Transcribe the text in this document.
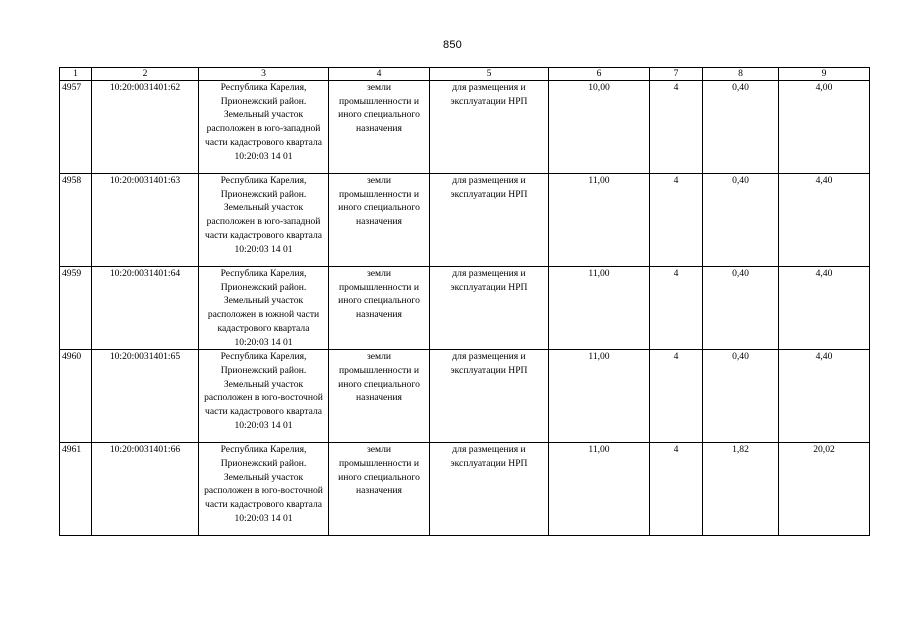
850
1	2	3	4	5	6	7	8	9
4957	10:20:0031401:62	Республика Карелия, Прионежский район. Земельный участок расположен в юго-западной части кадастрового квартала 10:20:03 14 01	земли промышленности и иного специального назначения	для размещения и эксплуатации НРП	10,00	4	0,40	4,00
4958	10:20:0031401:63	Республика Карелия, Прионежский район. Земельный участок расположен в юго-западной части кадастрового квартала 10:20:03 14 01	земли промышленности и иного специального назначения	для размещения и эксплуатации НРП	11,00	4	0,40	4,40
4959	10:20:0031401:64	Республика Карелия, Прионежский район. Земельный участок расположен в южной части кадастрового квартала 10:20:03 14 01	земли промышленности и иного специального назначения	для размещения и эксплуатации НРП	11,00	4	0,40	4,40
4960	10:20:0031401:65	Республика Карелия, Прионежский район. Земельный участок расположен в юго-восточной части кадастрового квартала 10:20:03 14 01	земли промышленности и иного специального назначения	для размещения и эксплуатации НРП	11,00	4	0,40	4,40
4961	10:20:0031401:66	Республика Карелия, Прионежский район. Земельный участок расположен в юго-восточной части кадастрового квартала 10:20:03 14 01	земли промышленности и иного специального назначения	для размещения и эксплуатации НРП	11,00	4	1,82	20,02
